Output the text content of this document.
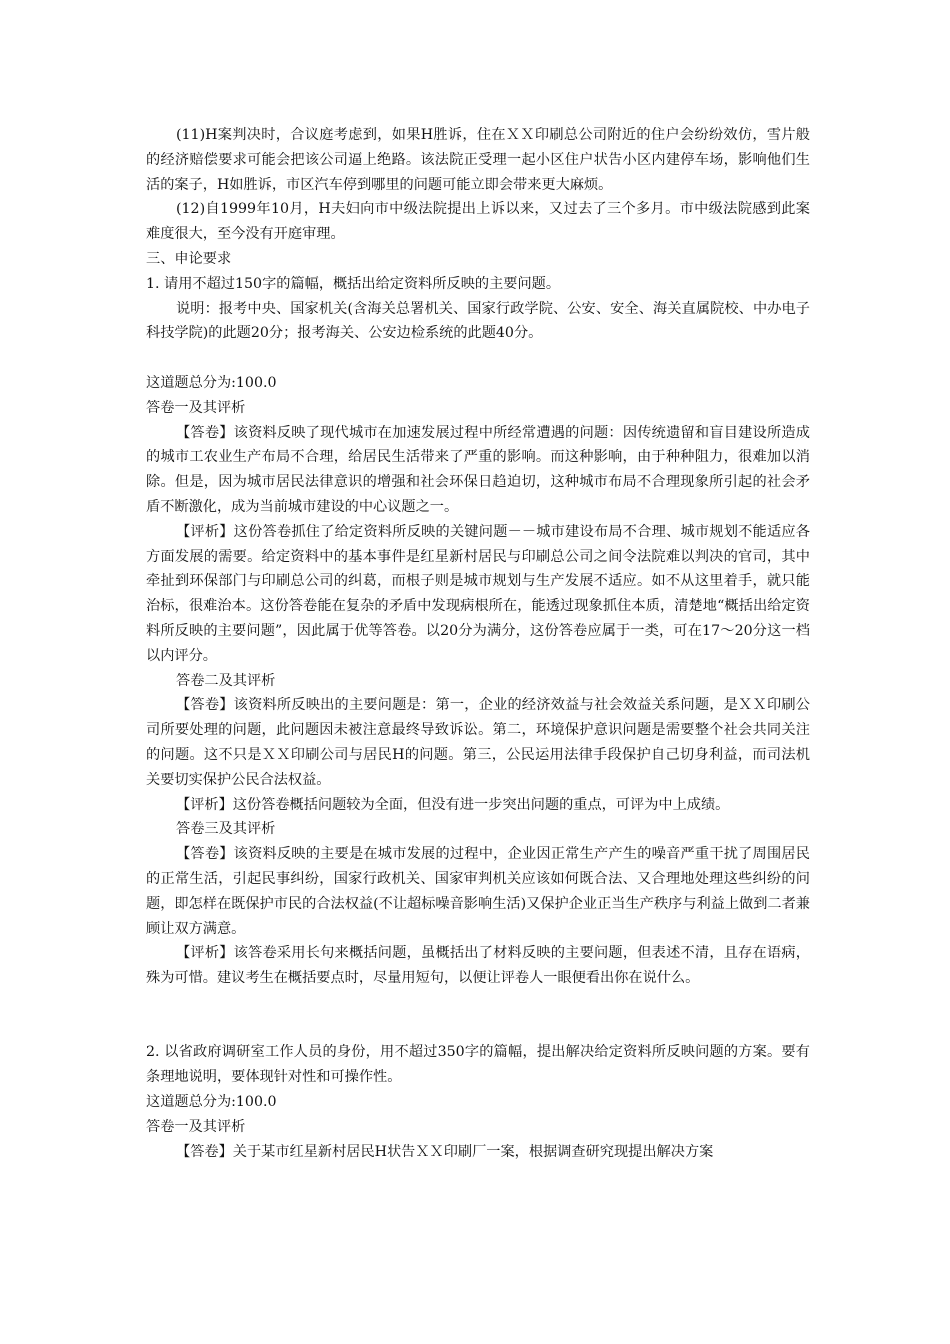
(11)H案判决时，合议庭考虑到，如果H胜诉，住在ＸＸ印刷总公司附近的住户会纷纷效仿，雪片般的经济赔偿要求可能会把该公司逼上绝路。该法院正受理一起小区住户状告小区内建停车场，影响他们生活的案子，H如胜诉，市区汽车停到哪里的问题可能立即会带来更大麻烦。

(12)自1999年10月，H夫妇向市中级法院提出上诉以来，又过去了三个多月。市中级法院感到此案难度很大，至今没有开庭审理。

三、申论要求

1. 请用不超过150字的篇幅，概括出给定资料所反映的主要问题。

说明：报考中央、国家机关(含海关总署机关、国家行政学院、公安、安全、海关直属院校、中办电子科技学院)的此题20分；报考海关、公安边检系统的此题40分。

这道题总分为:100.0

答卷一及其评析

【答卷】该资料反映了现代城市在加速发展过程中所经常遭遇的问题：因传统遗留和盲目建设所造成的城市工农业生产布局不合理，给居民生活带来了严重的影响。而这种影响，由于种种阻力，很难加以消除。但是，因为城市居民法律意识的增强和社会环保日趋迫切，这种城市布局不合理现象所引起的社会矛盾不断激化，成为当前城市建设的中心议题之一。

【评析】这份答卷抓住了给定资料所反映的关键问题－－城市建设布局不合理、城市规划不能适应各方面发展的需要。给定资料中的基本事件是红星新村居民与印刷总公司之间令法院难以判决的官司，其中牵扯到环保部门与印刷总公司的纠葛，而根子则是城市规划与生产发展不适应。如不从这里着手，就只能治标，很难治本。这份答卷能在复杂的矛盾中发现病根所在，能透过现象抓住本质，清楚地“概括出给定资料所反映的主要问题”，因此属于优等答卷。以20分为满分，这份答卷应属于一类，可在17～20分这一档以内评分。

答卷二及其评析

【答卷】该资料所反映出的主要问题是：第一，企业的经济效益与社会效益关系问题，是ＸＸ印刷公司所要处理的问题，此问题因未被注意最终导致诉讼。第二，环境保护意识问题是需要整个社会共同关注的问题。这不只是ＸＸ印刷公司与居民H的问题。第三，公民运用法律手段保护自己切身利益，而司法机关要切实保护公民合法权益。

【评析】这份答卷概括问题较为全面，但没有进一步突出问题的重点，可评为中上成绩。

答卷三及其评析

【答卷】该资料反映的主要是在城市发展的过程中，企业因正常生产产生的噪音严重干扰了周围居民的正常生活，引起民事纠纷，国家行政机关、国家审判机关应该如何既合法、又合理地处理这些纠纷的问题，即怎样在既保护市民的合法权益(不让超标噪音影响生活)又保护企业正当生产秩序与利益上做到二者兼顾让双方满意。

【评析】该答卷采用长句来概括问题，虽概括出了材料反映的主要问题，但表述不清，且存在语病，殊为可惜。建议考生在概括要点时，尽量用短句，以便让评卷人一眼便看出你在说什么。

2. 以省政府调研室工作人员的身份，用不超过350字的篇幅，提出解决给定资料所反映问题的方案。要有条理地说明，要体现针对性和可操作性。

这道题总分为:100.0

答卷一及其评析

【答卷】关于某市红星新村居民H状告ＸＸ印刷厂一案，根据调查研究现提出解决方案
